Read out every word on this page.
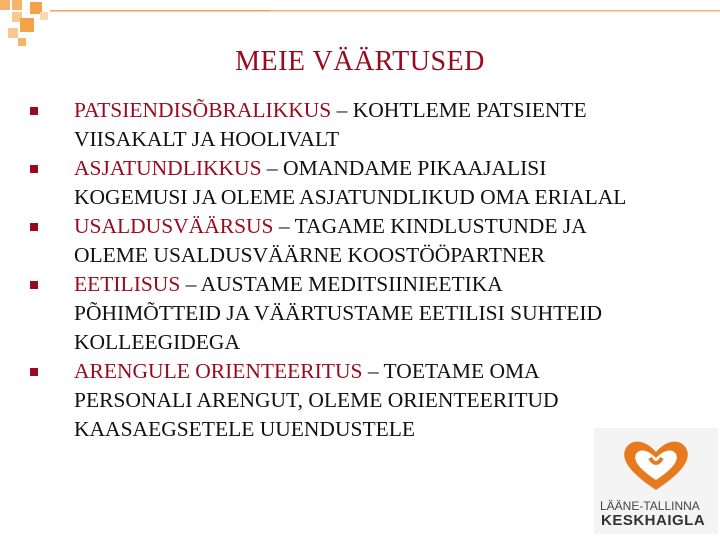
MEIE VÄÄRTUSED
PATSIENDISÕBRALIKKUS – KOHTLEME PATSIENTE VIISAKALT JA HOOLIVALT
ASJATUNDLIKKUS – OMANDAME PIKAAJALISI KOGEMUSI JA OLEME ASJATUNDLIKUD OMA ERIALAL
USALDUSVÄÄRSUS – TAGAME KINDLUSTUNDE JA OLEME USALDUSVÄÄRNE KOOSTÖÖPARTNER
EETILISUS – AUSTAME MEDITSIINIEETIKA PÕHIMÕTTEID JA VÄÄRTUSTAME EETILISI SUHTEID KOLLEEGIDEGA
ARENGULE ORIENTEERITUS – TOETAME OMA PERSONALI ARENGUT, OLEME ORIENTEERITUD KAASAEGSETELE UUENDUSTELE
LÄÄNE-TALLINNA
KESKHAIGLA
